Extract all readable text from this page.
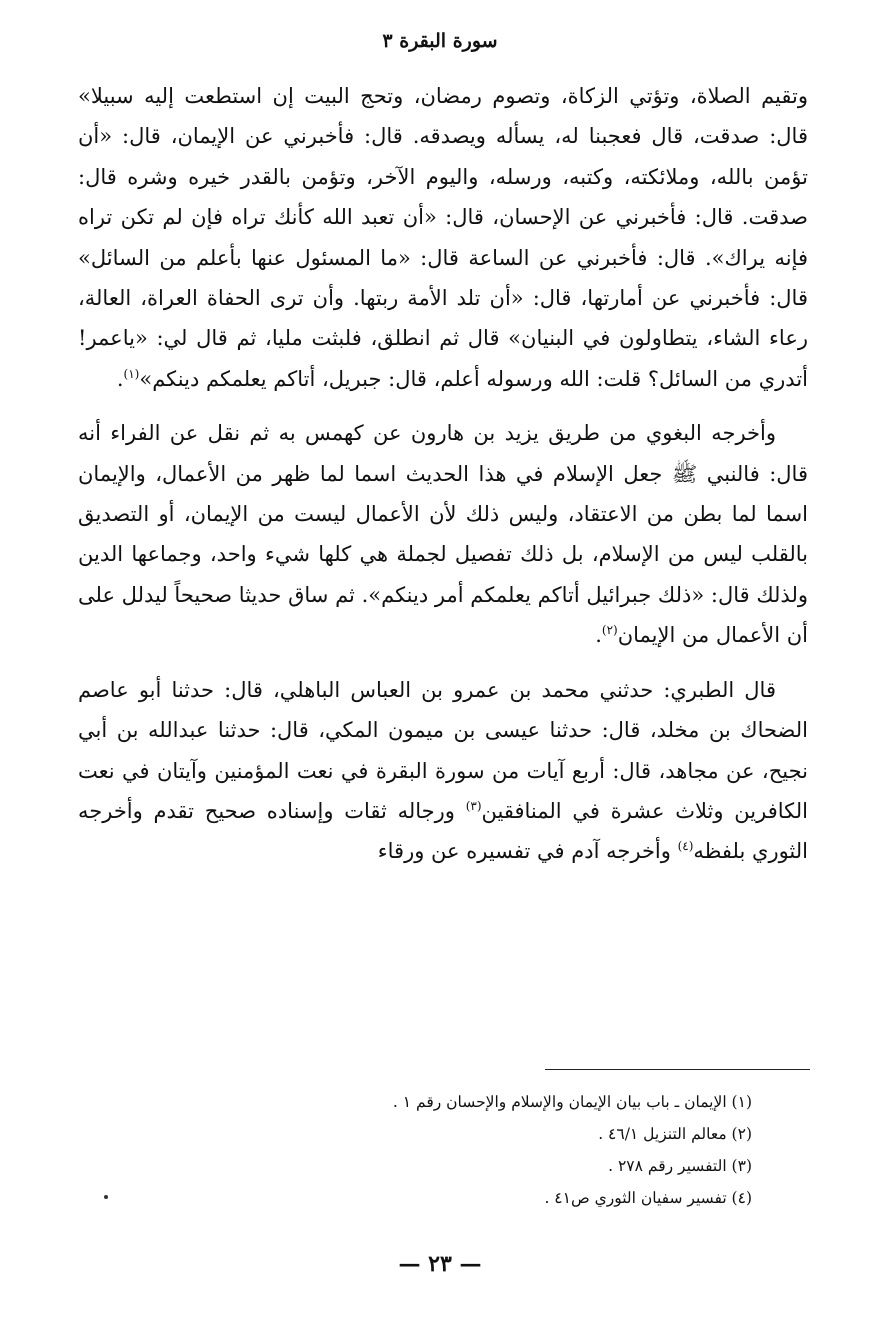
سورة البقرة ٣

وتقيم الصلاة، وتؤتي الزكاة، وتصوم رمضان، وتحج البيت إن استطعت إليه سبيلا» قال: صدقت، قال فعجبنا له، يسأله ويصدقه. قال: فأخبرني عن الإيمان، قال: «أن تؤمن بالله، وملائكته، وكتبه، ورسله، واليوم الآخر، وتؤمن بالقدر خيره وشره قال: صدقت. قال: فأخبرني عن الإحسان، قال: «أن تعبد الله كأنك تراه فإن لم تكن تراه فإنه يراك». قال: فأخبرني عن الساعة قال: «ما المسئول عنها بأعلم من السائل» قال: فأخبرني عن أمارتها، قال: «أن تلد الأمة ربتها. وأن ترى الحفاة العراة، العالة، رعاء الشاء، يتطاولون في البنيان» قال ثم انطلق، فلبثت مليا، ثم قال لي: «ياعمر! أتدري من السائل؟ قلت: الله ورسوله أعلم، قال: جبريل، أتاكم يعلمكم دينكم»$^{(١)}$.

وأخرجه البغوي من طريق يزيد بن هارون عن كهمس به ثم نقل عن الفراء أنه قال: فالنبي ﷺ جعل الإسلام في هذا الحديث اسما لما ظهر من الأعمال، والإيمان اسما لما بطن من الاعتقاد، وليس ذلك لأن الأعمال ليست من الإيمان، أو التصديق بالقلب ليس من الإسلام، بل ذلك تفصيل لجملة هي كلها شيء واحد، وجماعها الدين ولذلك قال: «ذلك جبرائيل أتاكم يعلمكم أمر دينكم». ثم ساق حديثا صحيحاً ليدلل على أن الأعمال من الإيمان$^{(٢)}$.

قال الطبري: حدثني محمد بن عمرو بن العباس الباهلي، قال: حدثنا أبو عاصم الضحاك بن مخلد، قال: حدثنا عيسى بن ميمون المكي، قال: حدثنا عبدالله بن أبي نجيح، عن مجاهد، قال: أربع آيات من سورة البقرة في نعت المؤمنين وآيتان في نعت الكافرين وثلاث عشرة في المنافقين$^{(٣)}$ ورجاله ثقات وإسناده صحيح تقدم وأخرجه الثوري بلفظه$^{(٤)}$ وأخرجه آدم في تفسيره عن ورقاء

(١) الإيمان ـ باب بيان الإيمان والإسلام والإحسان رقم ١ .
(٢) معالم التنزيل ٤٦/١ .
(٣) التفسير رقم ٢٧٨ .
(٤) تفسير سفيان الثوري ص٤١ .
— ٢٣ —
